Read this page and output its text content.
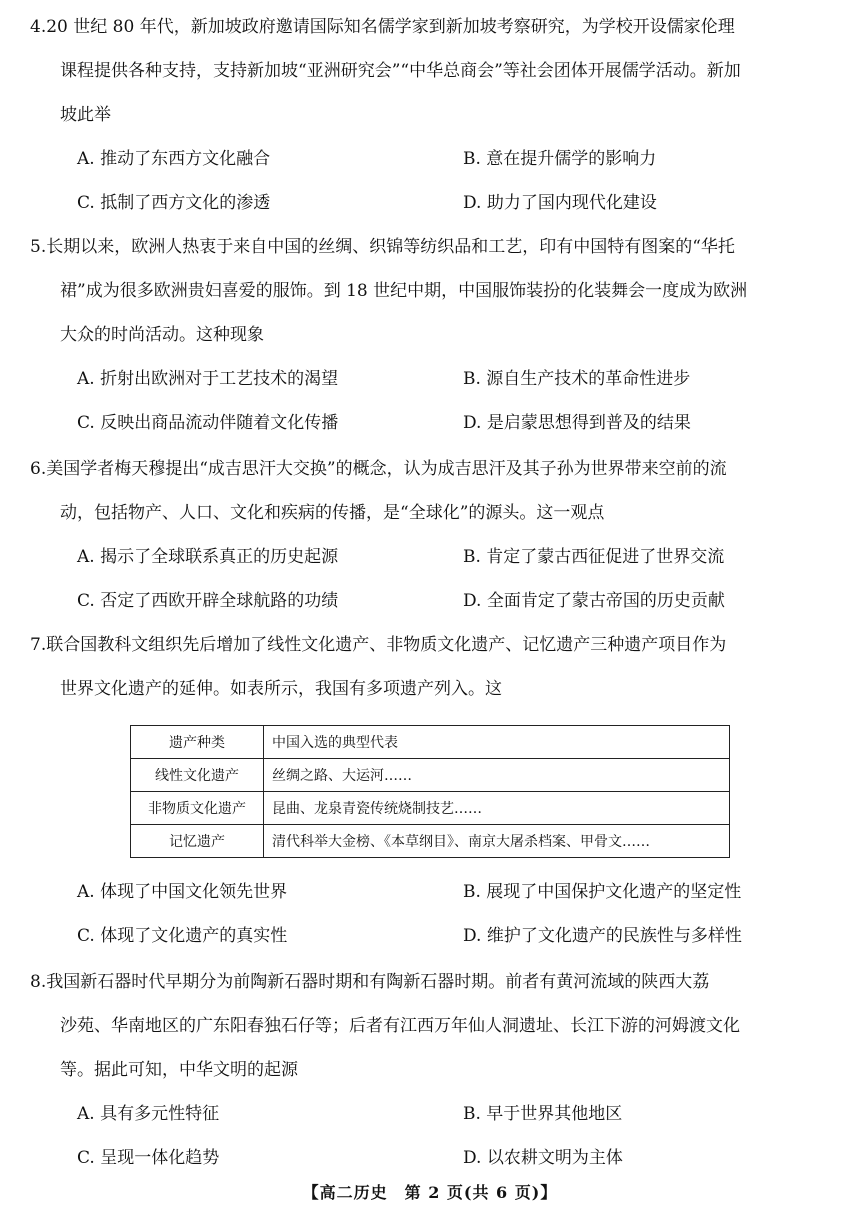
4.20 世纪 80 年代，新加坡政府邀请国际知名儒学家到新加坡考察研究，为学校开设儒家伦理
课程提供各种支持，支持新加坡“亚洲研究会”“中华总商会”等社会团体开展儒学活动。新加
坡此举
A. 推动了东西方文化融合	B. 意在提升儒学的影响力
C. 抵制了西方文化的渗透	D. 助力了国内现代化建设
5.长期以来，欧洲人热衷于来自中国的丝绸、织锦等纺织品和工艺，印有中国特有图案的“华托
裙”成为很多欧洲贵妇喜爱的服饰。到 18 世纪中期，中国服饰装扮的化装舞会一度成为欧洲
大众的时尚活动。这种现象
A. 折射出欧洲对于工艺技术的渴望	B. 源自生产技术的革命性进步
C. 反映出商品流动伴随着文化传播	D. 是启蒙思想得到普及的结果
6.美国学者梅天穆提出“成吉思汗大交换”的概念，认为成吉思汗及其子孙为世界带来空前的流
动，包括物产、人口、文化和疾病的传播，是“全球化”的源头。这一观点
A. 揭示了全球联系真正的历史起源	B. 肯定了蒙古西征促进了世界交流
C. 否定了西欧开辟全球航路的功绩	D. 全面肯定了蒙古帝国的历史贡献
7.联合国教科文组织先后增加了线性文化遗产、非物质文化遗产、记忆遗产三种遗产项目作为
世界文化遗产的延伸。如表所示，我国有多项遗产列入。这
遗产种类	中国入选的典型代表
线性文化遗产	丝绸之路、大运河……
非物质文化遗产	昆曲、龙泉青瓷传统烧制技艺……
记忆遗产	清代科举大金榜、《本草纲目》、南京大屠杀档案、甲骨文……
A. 体现了中国文化领先世界	B. 展现了中国保护文化遗产的坚定性
C. 体现了文化遗产的真实性	D. 维护了文化遗产的民族性与多样性
8.我国新石器时代早期分为前陶新石器时期和有陶新石器时期。前者有黄河流域的陕西大荔
沙苑、华南地区的广东阳春独石仔等；后者有江西万年仙人洞遗址、长江下游的河姆渡文化
等。据此可知，中华文明的起源
A. 具有多元性特征	B. 早于世界其他地区
C. 呈现一体化趋势	D. 以农耕文明为主体
【高二历史　第 2 页(共 6 页)】
